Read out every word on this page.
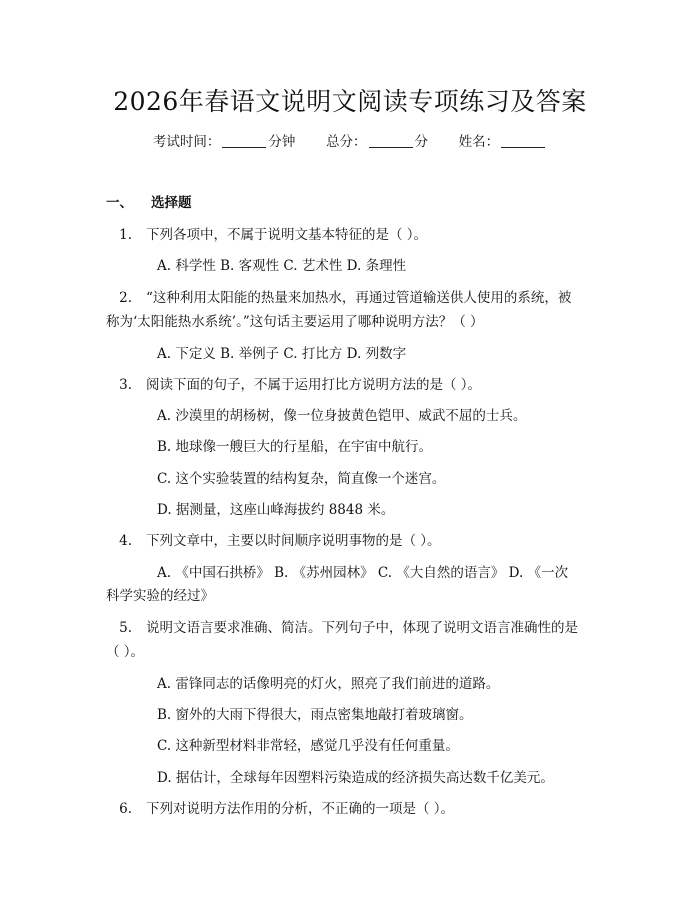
2026年春语文说明文阅读专项练习及答案
考试时间：	分钟 总分：	分 姓名：
一、 选择题
1. 下列各项中，不属于说明文基本特征的是（ ）。
A. 科学性 B. 客观性 C. 艺术性 D. 条理性
2. “这种利用太阳能的热量来加热水，再通过管道输送供人使用的系统，被
称为‘太阳能热水系统’。”这句话主要运用了哪种说明方法？（ ）
A. 下定义 B. 举例子 C. 打比方 D. 列数字
3. 阅读下面的句子，不属于运用打比方说明方法的是（ ）。
A. 沙漠里的胡杨树，像一位身披黄色铠甲、威武不屈的士兵。
B. 地球像一艘巨大的行星船，在宇宙中航行。
C. 这个实验装置的结构复杂，简直像一个迷宫。
D. 据测量，这座山峰海拔约 8848 米。
4. 下列文章中，主要以时间顺序说明事物的是（ ）。
A. 《中国石拱桥》 B. 《苏州园林》 C. 《大自然的语言》 D. 《一次
科学实验的经过》
5. 说明文语言要求准确、简洁。下列句子中，体现了说明文语言准确性的是
（ ）。
A. 雷锋同志的话像明亮的灯火，照亮了我们前进的道路。
B. 窗外的大雨下得很大，雨点密集地敲打着玻璃窗。
C. 这种新型材料非常轻，感觉几乎没有任何重量。
D. 据估计，全球每年因塑料污染造成的经济损失高达数千亿美元。
6. 下列对说明方法作用的分析，不正确的一项是（ ）。
